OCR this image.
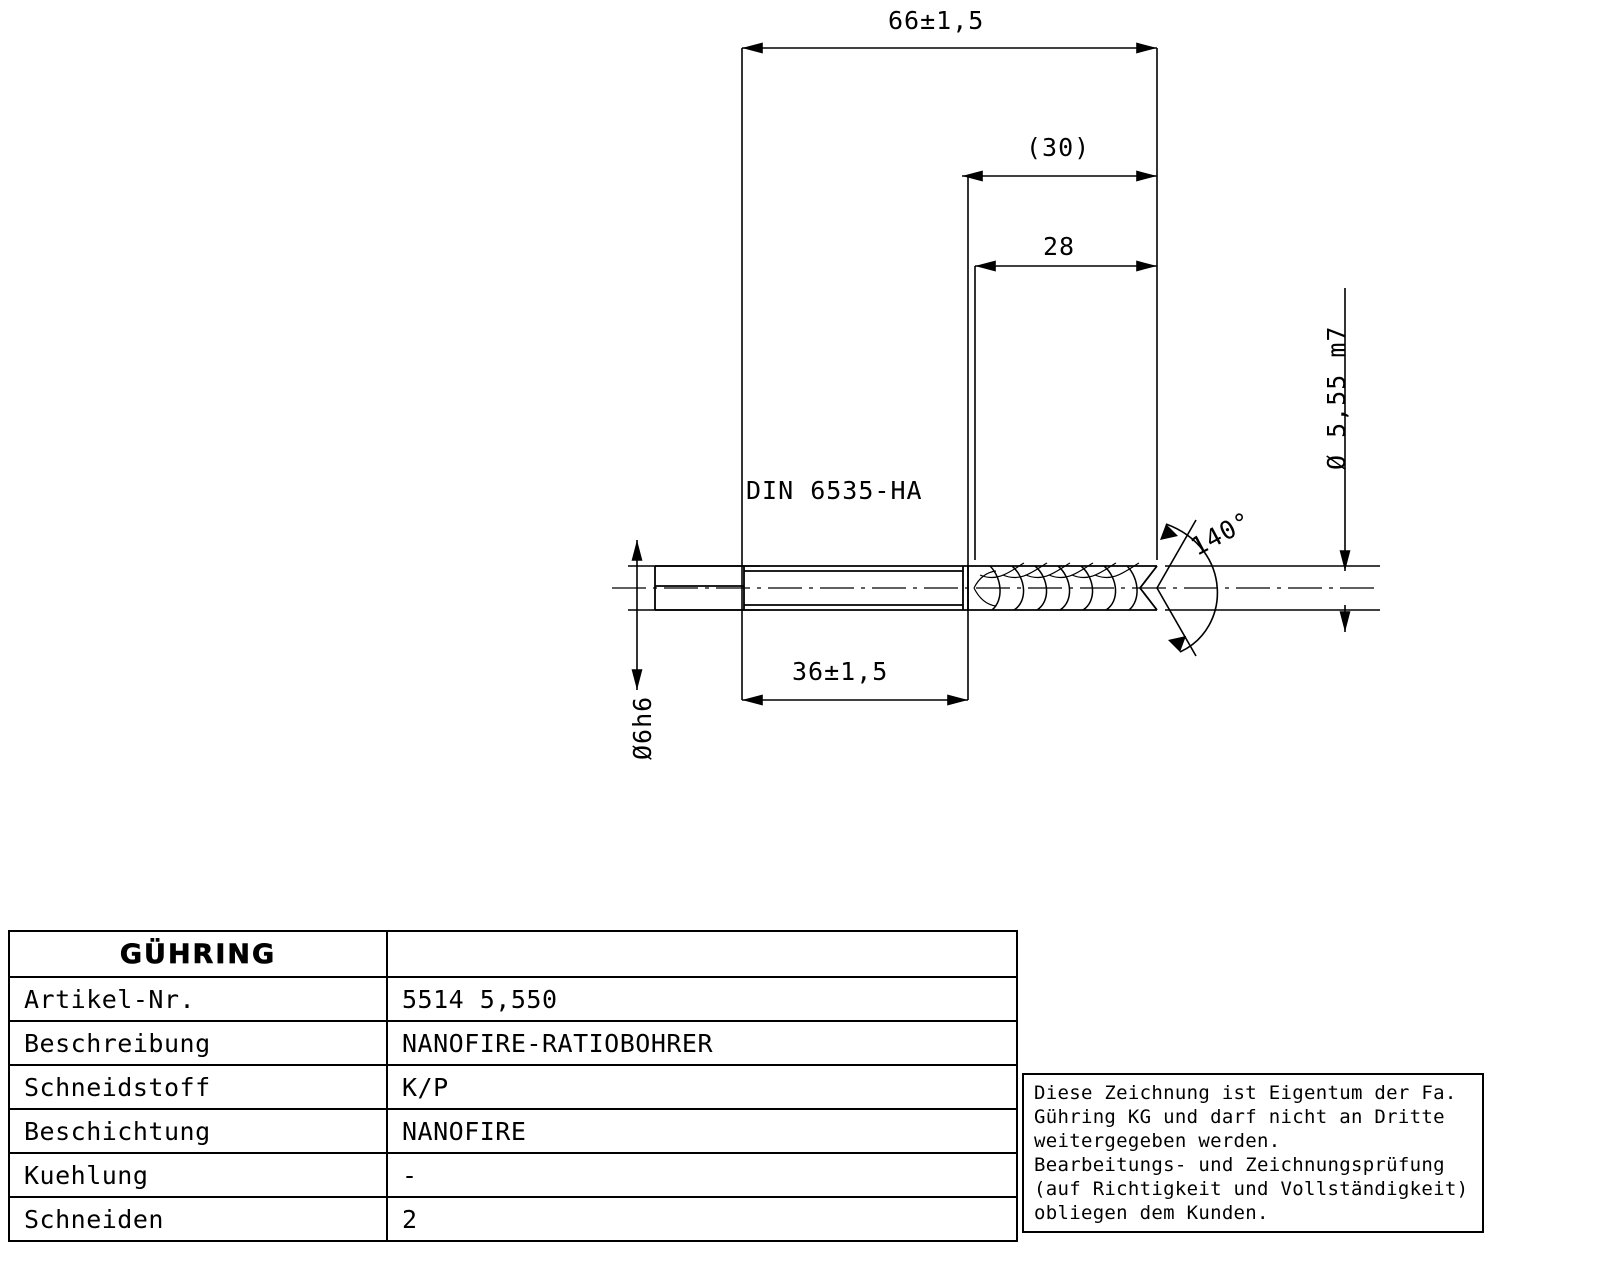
66±1,5
(30)
28
36±1,5
DIN 6535-HA
Ø 5,55 m7
Ø6h6
140°
GÜHRING
Artikel-Nr.	5514 5,550
Beschreibung	NANOFIRE-RATIOBOHRER
Schneidstoff	K/P
Beschichtung	NANOFIRE
Kuehlung	-
Schneiden	2
Diese Zeichnung ist Eigentum der Fa.
Gühring KG und darf nicht an Dritte
weitergegeben werden.
Bearbeitungs- und Zeichnungsprüfung
(auf Richtigkeit und Vollständigkeit)
obliegen dem Kunden.
